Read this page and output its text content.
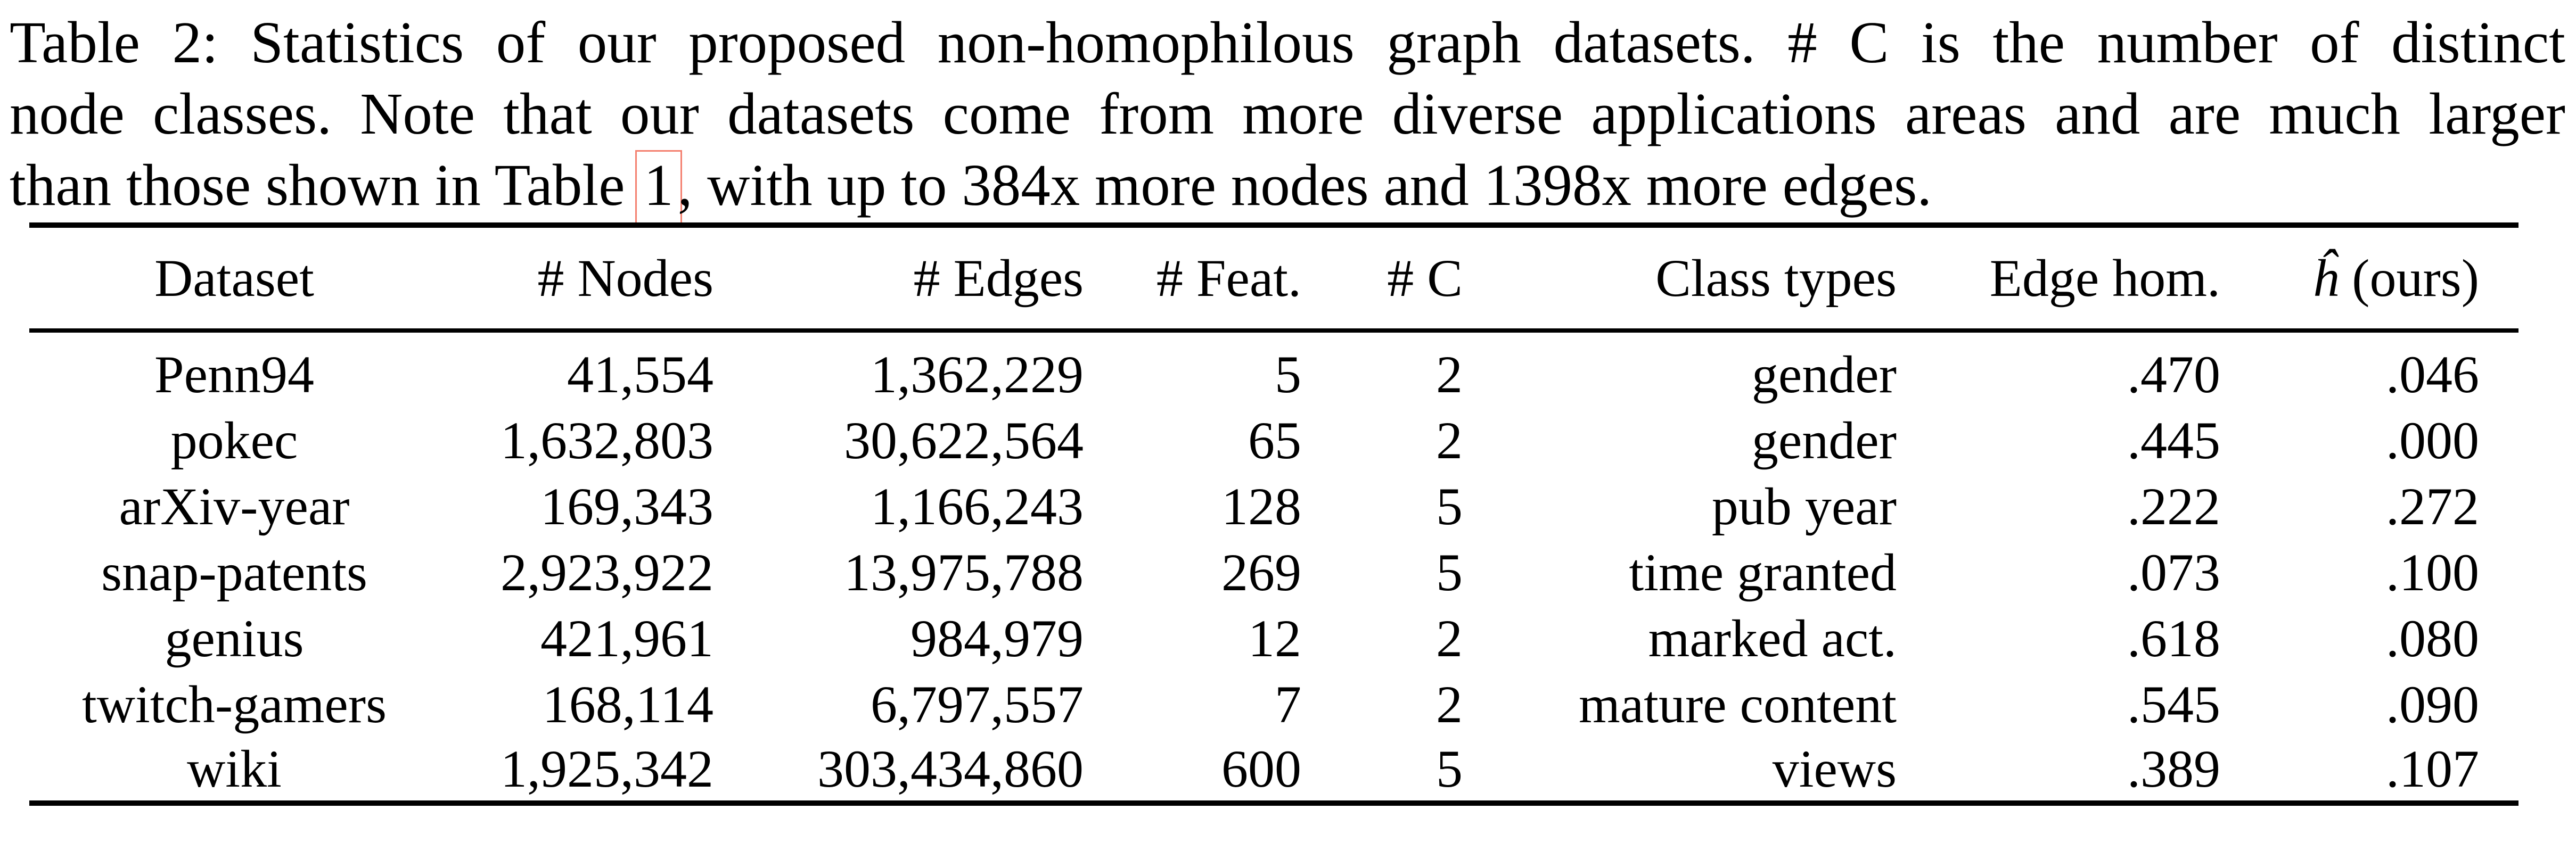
Table 2: Statistics of our proposed non-homophilous graph datasets. # C is the number of distinct
node classes. Note that our datasets come from more diverse applications areas and are much larger
than those shown in Table 1, with up to 384x more nodes and 1398x more edges.
Dataset	# Nodes	# Edges	# Feat.	# C	Class types	Edge hom.	ĥ (ours)

Penn94	41,554	1,362,229	5	2	gender	.470	.046
pokec	1,632,803	30,622,564	65	2	gender	.445	.000
arXiv-year	169,343	1,166,243	128	5	pub year	.222	.272
snap-patents	2,923,922	13,975,788	269	5	time granted	.073	.100
genius	421,961	984,979	12	2	marked act.	.618	.080
twitch-gamers	168,114	6,797,557	7	2	mature content	.545	.090
wiki	1,925,342	303,434,860	600	5	views	.389	.107
